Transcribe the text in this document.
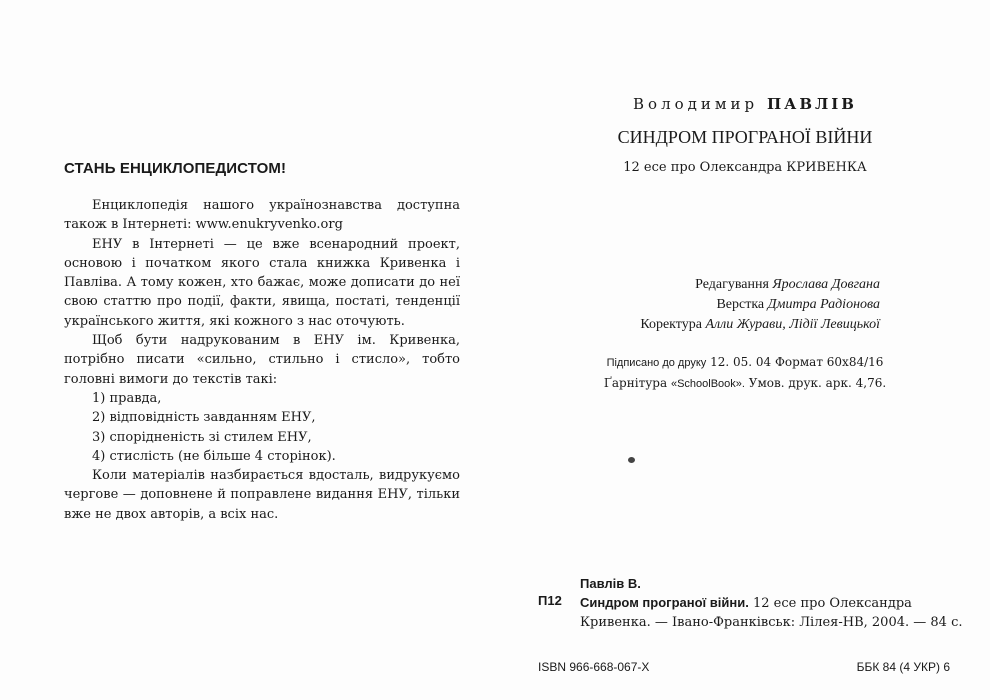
СТАНЬ ЕНЦИКЛОПЕДИСТОМ!

Енциклопедія нашого українознавства доступна також в Інтернеті: www.enukryvenko.org

ЕНУ в Інтернеті — це вже всенародний проект, основою і початком якого стала книжка Кривенка і Павліва. А тому кожен, хто бажає, може дописати до неї свою статтю про події, факти, явища, постаті, тенденції українського життя, які кожного з нас оточують.

Щоб бути надрукованим в ЕНУ ім. Кривенка, потрібно писати «сильно, стильно і стисло», тобто головні вимоги до текстів такі:

1) правда,
2) відповідність завданням ЕНУ,
3) спорідненість зі стилем ЕНУ,
4) стислість (не більше 4 сторінок).

Коли матеріалів назбирається вдосталь, видрукуємо чергове — доповнене й поправлене видання ЕНУ, тільки вже не двох авторів, а всіх нас.

Володимир ПАВЛІВ
СИНДРОМ ПРОГРАНОЇ ВІЙНИ
12 есе про Олександра КРИВЕНКА
Редагування Ярослава Довгана
Верстка Дмитра Радіонова
Коректура Алли Журави, Лідії Левицької
Підписано до друку 12. 05. 04 Формат 60х84/16
Ґарнітура «SchoolBook». Умов. друк. арк. 4,76.
П12
Павлів В.
Синдром програної війни. 12 есе про Олександра
Кривенка. — Івано-Франківськ: Лілея-НВ, 2004. — 84 с.
ISBN 966-668-067-X	ББК 84 (4 УКР) 6
